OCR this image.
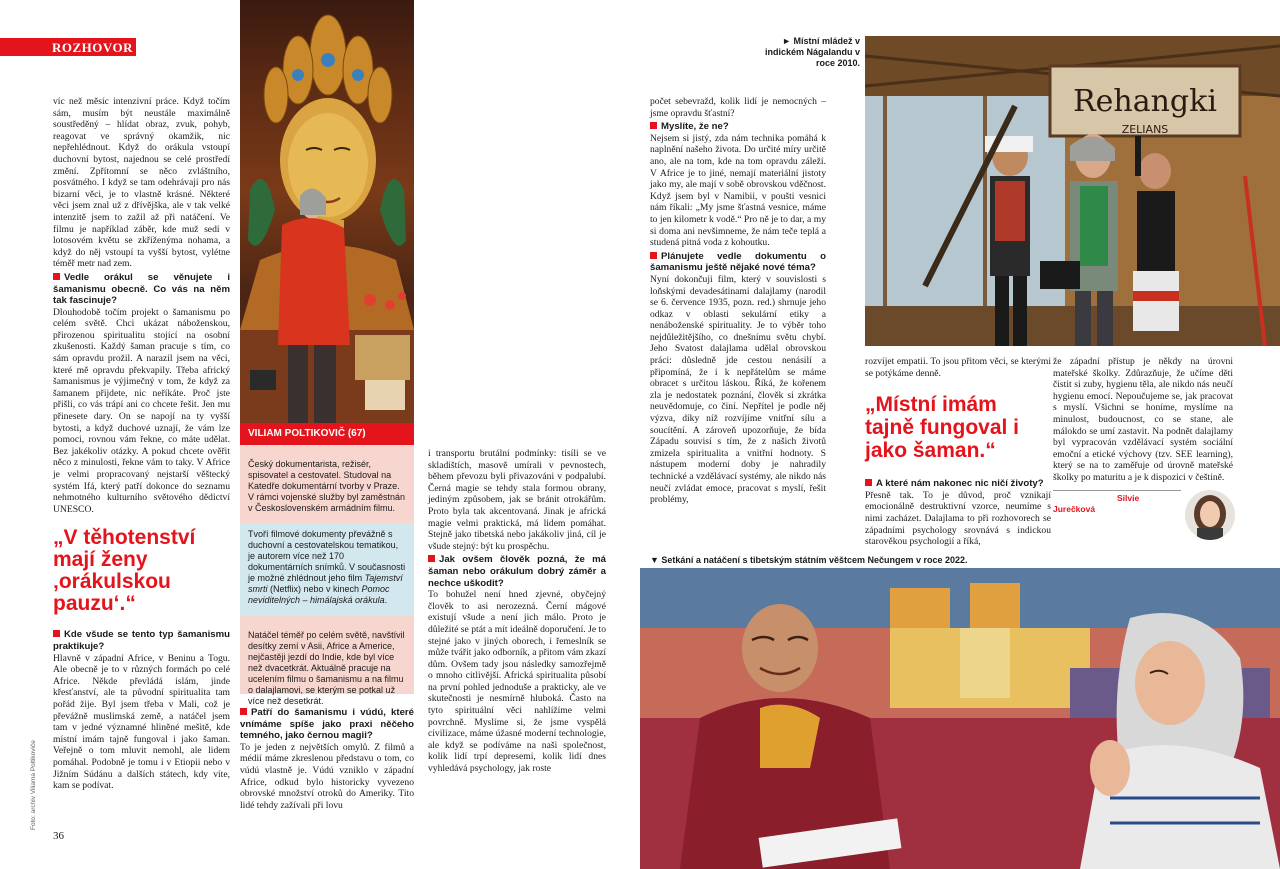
ROZHOVOR
Foto: archiv Viliama Poltikoviče

víc než měsíc intenzivní práce. Když točím sám, musím být neustále maximálně soustředěný – hlídat obraz, zvuk, pohyb, reagovat ve správný okamžik, nic nepřehlédnout. Když do orákula vstoupí duchovní bytost, najednou se celé prostředí změní. Zpřítomní se něco zvláštního, posvátného. I když se tam odehrávají pro nás bizarní věci, je to vlastně krásné. Některé věci jsem znal už z dřívějška, ale v tak velké intenzitě jsem to zažil až při natáčení. Ve filmu je například záběr, kde muž sedí v lotosovém květu se zkříženýma nohama, a když do něj vstoupí ta vyšší bytost, vylétne téměř metr nad zem.

Vedle orákul se věnujete i šamanismu obecně. Co vás na něm tak fascinuje?

Dlouhodobě točím projekt o šamanismu po celém světě. Chci ukázat náboženskou, přirozenou spiritualitu stojící na osobní zkušenosti. Každý šaman pracuje s tím, co sám opravdu prožil. A narazil jsem na věci, které mě opravdu překvapily. Třeba africký šamanismus je výjimečný v tom, že když za šamanem přijdete, nic neříkáte. Proč jste přišli, co vás trápí ani co chcete řešit. Jen mu přinesete dary. On se napojí na ty vyšší bytosti, a když duchové uznají, že vám lze pomoci, rovnou vám řekne, co máte udělat. Bez jakékoliv otázky. A pokud chcete ověřit něco z minulosti, řekne vám to taky. V Africe je velmi propracovaný nejstarší věštecký systém Ifá, který patří dokonce do seznamu nehmotného kulturního světového dědictví UNESCO.

„V těhotenství mají ženy ‚orákulskou pauzu‘.“
Kde všude se tento typ šamanismu praktikuje?

Hlavně v západní Africe, v Beninu a Togu. Ale obecně je to v různých formách po celé Africe. Někde převládá islám, jinde křesťanství, ale ta původní spiritualita tam pořád žije. Byl jsem třeba v Mali, což je převážně muslimská země, a natáčel jsem tam v jedné významné hliněné mešitě, kde místní imám tajně fungoval i jako šaman. Veřejně o tom mluvit nemohl, ale lidem pomáhal. Podobně je tomu i v Etiopii nebo v Jižním Súdánu a dalších státech, kdy víte, kam se podívat.

VILIAM POLTIKOVIČ (67)

Český dokumentarista, režisér, spisovatel a cestovatel. Studoval na Katedře dokumentární tvorby v Praze. V rámci vojenské služby byl zaměstnán v Československém armádním filmu.

Tvoří filmové dokumenty převážně s duchovní a cestovatelskou tematikou, je autorem více než 170 dokumentárních snímků. V současnosti je možné zhlédnout jeho film Tajemství smrti (Netflix) nebo v kinech Pomoc neviditelných – himálajská orákula.

Natáčel téměř po celém světě, navštívil desítky zemí v Asii, Africe a Americe, nejčastěji jezdí do Indie, kde byl více než dvacetkrát. Aktuálně pracuje na ucelením filmu o šamanismu a na filmu o dalajlamovi, se kterým se potkal už více než desetkrát.

Patří do šamanismu i vúdú, které vnímáme spíše jako praxi něčeho temného, jako černou magii?

To je jeden z největších omylů. Z filmů a médií máme zkreslenou představu o tom, co vúdú vlastně je. Vúdú vzniklo v západní Africe, odkud bylo historicky vyvezeno obrovské množství otroků do Ameriky. Tito lidé tehdy zažívali při lovu

i transportu brutální podmínky: tisíli se ve skladištích, masově umírali v pevnostech, během převozu byli přivazováni v podpalubí. Černá magie se tehdy stala formou obrany, jediným způsobem, jak se bránit otrokářům. Proto byla tak akcentovaná. Jinak je africká magie velmi praktická, má lidem pomáhat. Stejně jako tibetská nebo jakákoliv jiná, cíl je všude stejný: být ku prospěchu.

Jak ovšem člověk pozná, že má šaman nebo orákulum dobrý záměr a nechce uškodit?

To bohužel není hned zjevné, obyčejný člověk to asi nerozezná. Černí mágové existují všude a není jich málo. Proto je důležité se ptát a mít ideálně doporučení. Je to stejné jako v jiných oborech, i řemeslník se může tvářit jako odborník, a přitom vám zkazí dům. Ovšem tady jsou následky samozřejmě o mnoho citlivější. Africká spiritualita působí na první pohled jednoduše a prakticky, ale ve skutečnosti je nesmírně hluboká. Často na tyto spirituální věci nahlížíme velmi povrchně. Myslíme si, že jsme vyspělá civilizace, máme úžasné moderní technologie, ale když se podíváme na naši společnost, kolik lidí trpí depresemi, kolik lidí dnes vyhledává psychology, jak roste

36

počet sebevražd, kolik lidí je nemocných – jsme opravdu šťastní?

Myslíte, že ne?

Nejsem si jistý, zda nám technika pomáhá k naplnění našeho života. Do určité míry určitě ano, ale na tom, kde na tom opravdu záleží. V Africe je to jiné, nemají materiální jistoty jako my, ale mají v sobě obrovskou vděčnost. Když jsem byl v Namibii, v poušti vesnici nám říkali: „My jsme šťastná vesnice, máme to jen kilometr k vodě.“ Pro ně je to dar, a my si doma ani nevšimneme, že nám teče teplá a studená pitná voda z kohoutku.

Plánujete vedle dokumentu o šamanismu ještě nějaké nové téma?

Nyní dokončuji film, který v souvislosti s loňskými devadesátinami dalajlamy (narodil se 6. července 1935, pozn. red.) shrnuje jeho odkaz v oblasti sekulární etiky a nenáboženské spirituality. Je to výběr toho nejdůležitějšího, co dnešnímu světu chybí. Jeho Svatost dalajlama udělal obrovskou práci: důsledně jde cestou nenásilí a připomíná, že i k nepřátelům se máme obracet s určitou láskou. Říká, že kořenem zla je nedostatek poznání, člověk si zkrátka neuvědomuje, co činí. Nepřítel je podle něj výzva, díky níž rozvíjíme vnitřní sílu a soucítění. A zároveň upozorňuje, že bída Západu souvisí s tím, že z našich životů zmizela spiritualita a vnitřní hodnoty. S nástupem moderní doby je nahradily technické a vzdělávací systémy, ale nikdo nás neučí zvládat emoce, pracovat s myslí, řešit problémy,

► Místní mládež v indickém Nágalandu v roce 2010.
Rehangki
ZELIANS

rozvíjet empatii. To jsou přitom věci, se kterými se potýkáme denně.

„Místní imám tajně fungoval i jako šaman.“
A které nám nakonec nic ničí životy?

Přesně tak. To je důvod, proč vznikají emocionálně destruktivní vzorce, neumíme s nimi zacházet. Dalajlama to při rozhovorech se západními psychology srovnává s indickou starověkou psychologií a říká,

že západní přístup je někdy na úrovni mateřské školky. Zdůrazňuje, že učíme děti čistit si zuby, hygienu těla, ale nikdo nás neučí hygienu emocí. Nepoučujeme se, jak pracovat s myslí. Všichni se honíme, myslíme na minulost, budoucnost, co se stane, ale málokdo se umí zastavit. Na podnět dalajlamy byl vypracován vzdělávací systém sociální emoční a etické výchovy (tzv. SEE learning), který se na to zaměřuje od úrovně mateřské školky po maturitu a je k dispozici v češtině.

Silvie Jurečková
▼ Setkání a natáčení s tibetským státním věštcem Nečungem v roce 2022.
